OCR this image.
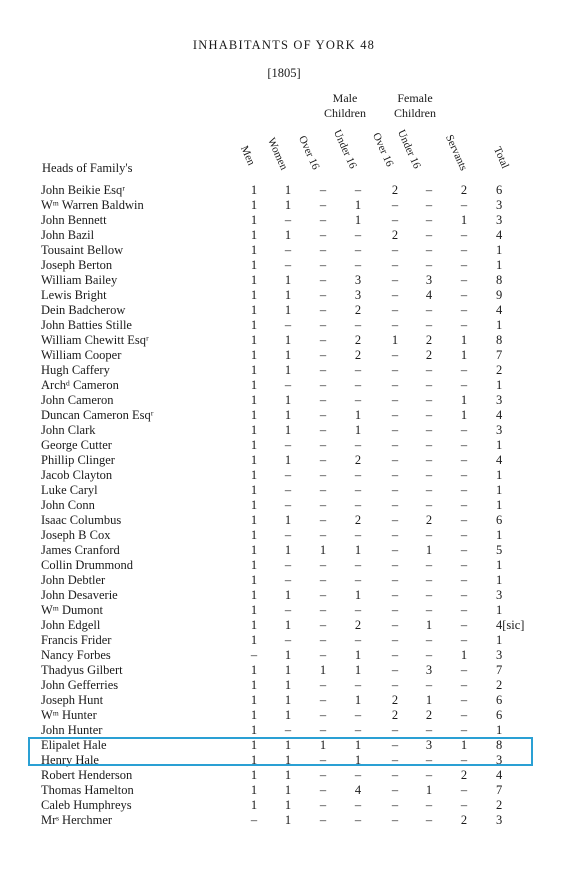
INHABITANTS OF YORK 48
[1805]
Male
Children
Female
Children
Men Women Over 16 Under 16 Over 16 Under 16 Servants Total
Heads of Family's
John Beikie Esqʳ	1	1	–	–	2	–	2	6
Wᵐ Warren Baldwin	1	1	–	1	–	–	–	3
John Bennett	1	–	–	1	–	–	1	3
John Bazil	1	1	–	–	2	–	–	4
Tousaint Bellow	1	–	–	–	–	–	–	1
Joseph Berton	1	–	–	–	–	–	–	1
William Bailey	1	1	–	3	–	3	–	8
Lewis Bright	1	1	–	3	–	4	–	9
Dein Badcherow	1	1	–	2	–	–	–	4
John Batties Stille	1	–	–	–	–	–	–	1
William Chewitt Esqʳ	1	1	–	2	1	2	1	8
William Cooper	1	1	–	2	–	2	1	7
Hugh Caffery	1	1	–	–	–	–	–	2
Archᵈ Cameron	1	–	–	–	–	–	–	1
John Cameron	1	1	–	–	–	–	1	3
Duncan Cameron Esqʳ	1	1	–	1	–	–	1	4
John Clark	1	1	–	1	–	–	–	3
George Cutter	1	–	–	–	–	–	–	1
Phillip Clinger	1	1	–	2	–	–	–	4
Jacob Clayton	1	–	–	–	–	–	–	1
Luke Caryl	1	–	–	–	–	–	–	1
John Conn	1	–	–	–	–	–	–	1
Isaac Columbus	1	1	–	2	–	2	–	6
Joseph B Cox	1	–	–	–	–	–	–	1
James Cranford	1	1	1	1	–	1	–	5
Collin Drummond	1	–	–	–	–	–	–	1
John Debtler	1	–	–	–	–	–	–	1
John Desaverie	1	1	–	1	–	–	–	3
Wᵐ Dumont	1	–	–	–	–	–	–	1
John Edgell	1	1	–	2	–	1	–	4[sic]
Francis Frider	1	–	–	–	–	–	–	1
Nancy Forbes	–	1	–	1	–	–	1	3
Thadyus Gilbert	1	1	1	1	–	3	–	7
John Gefferries	1	1	–	–	–	–	–	2
Joseph Hunt	1	1	–	1	2	1	–	6
Wᵐ Hunter	1	1	–	–	2	2	–	6
John Hunter	1	–	–	–	–	–	–	1
Elipalet Hale	1	1	1	1	–	3	1	8
Henry Hale	1	1	–	1	–	–	–	3
Robert Henderson	1	1	–	–	–	–	2	4
Thomas Hamelton	1	1	–	4	–	1	–	7
Caleb Humphreys	1	1	–	–	–	–	–	2
Mrˢ Herchmer	–	1	–	–	–	–	2	3
